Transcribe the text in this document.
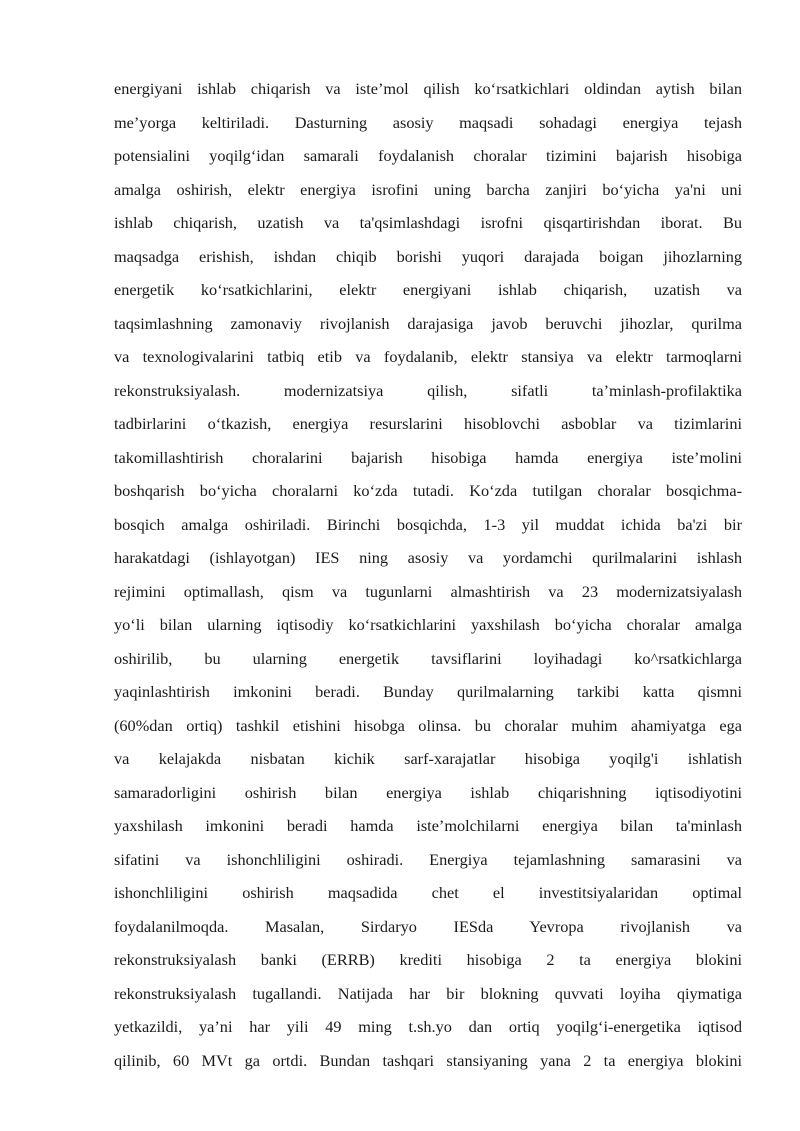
energiyani ishlab chiqarish va iste’mol qilish ko‘rsatkichlari oldindan aytish bilan
me’yorga keltiriladi. Dasturning asosiy maqsadi sohadagi energiya tejash
potensialini yoqilg‘idan samarali foydalanish choralar tizimini bajarish hisobiga
amalga oshirish, elektr energiya isrofini uning barcha zanjiri bo‘yicha ya'ni uni
ishlab chiqarish, uzatish va ta'qsimlashdagi isrofni qisqartirishdan iborat. Bu
maqsadga erishish, ishdan chiqib borishi yuqori darajada boigan jihozlarning
energetik ko‘rsatkichlarini, elektr energiyani ishlab chiqarish, uzatish va
taqsimlashning zamonaviy rivojlanish darajasiga javob beruvchi jihozlar, qurilma
va texnologivalarini tatbiq etib va foydalanib, elektr stansiya va elektr tarmoqlarni
rekonstruksiyalash. modernizatsiya qilish, sifatli ta’minlash-profilaktika
tadbirlarini o‘tkazish, energiya resurslarini hisoblovchi asboblar va tizimlarini
takomillashtirish choralarini bajarish hisobiga hamda energiya iste’molini
boshqarish bo‘yicha choralarni ko‘zda tutadi. Ko‘zda tutilgan choralar bosqichma-
bosqich amalga oshiriladi. Birinchi bosqichda, 1-3 yil muddat ichida ba'zi bir
harakatdagi (ishlayotgan) IES ning asosiy va yordamchi qurilmalarini ishlash
rejimini optimallash, qism va tugunlarni almashtirish va 23 modernizatsiyalash
yo‘li bilan ularning iqtisodiy ko‘rsatkichlarini yaxshilash bo‘yicha choralar amalga
oshirilib, bu ularning energetik tavsiflarini loyihadagi ko^rsatkichlarga
yaqinlashtirish imkonini beradi. Bunday qurilmalarning tarkibi katta qismni
(60%dan ortiq) tashkil etishini hisobga olinsa. bu choralar muhim ahamiyatga ega
va kelajakda nisbatan kichik sarf-xarajatlar hisobiga yoqilg'i ishlatish
samaradorligini oshirish bilan energiya ishlab chiqarishning iqtisodiyotini
yaxshilash imkonini beradi hamda iste’molchilarni energiya bilan ta'minlash
sifatini va ishonchliligini oshiradi. Energiya tejamlashning samarasini va
ishonchliligini oshirish maqsadida chet el investitsiyalaridan optimal
foydalanilmoqda. Masalan, Sirdaryo IESda Yevropa rivojlanish va
rekonstruksiyalash banki (ERRB) krediti hisobiga 2 ta energiya blokini
rekonstruksiyalash tugallandi. Natijada har bir blokning quvvati loyiha qiymatiga
yetkazildi, ya’ni har yili 49 ming t.sh.yo dan ortiq yoqilg‘i-energetika iqtisod
qilinib, 60 MVt ga ortdi. Bundan tashqari stansiyaning yana 2 ta energiya blokini
